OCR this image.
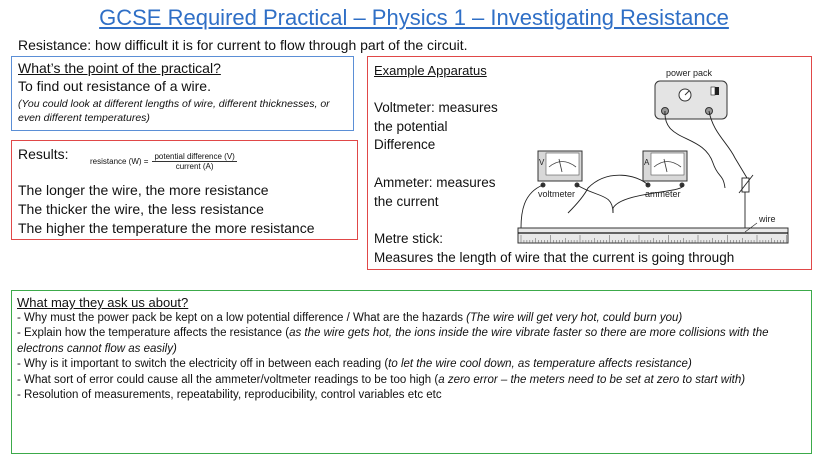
GCSE Required Practical – Physics 1 – Investigating Resistance
Resistance: how difficult it is for current to flow through part of the circuit.
What’s the point of the practical?
To find out resistance of a wire.
(You could look at different lengths of wire, different thicknesses, or even different temperatures)
Results:	resistance $(W) = \frac{\text{potential difference (V)}}{\text{current (A)}}$
The longer the wire, the more resistance
The thicker the wire, the less resistance
The higher the temperature the more resistance
Example Apparatus
Voltmeter: measures
the potential
Difference
Ammeter: measures
the current
Metre stick:
Measures the length of wire that the current is going through
power pack
V
voltmeter
A
ammeter
wire
What may they ask us about?
- Why must the power pack be kept on a low potential difference / What are the hazards (The wire will get very hot, could burn you)
- Explain how the temperature affects the resistance (as the wire gets hot, the ions inside the wire vibrate faster so there are more collisions with the electrons cannot flow as easily)
- Why is it important to switch the electricity off in between each reading (to let the wire cool down, as temperature affects resistance)
- What sort of error could cause all the ammeter/voltmeter readings to be too high (a zero error – the meters need to be set at zero to start with)
- Resolution of measurements, repeatability, reproducibility, control variables etc etc
